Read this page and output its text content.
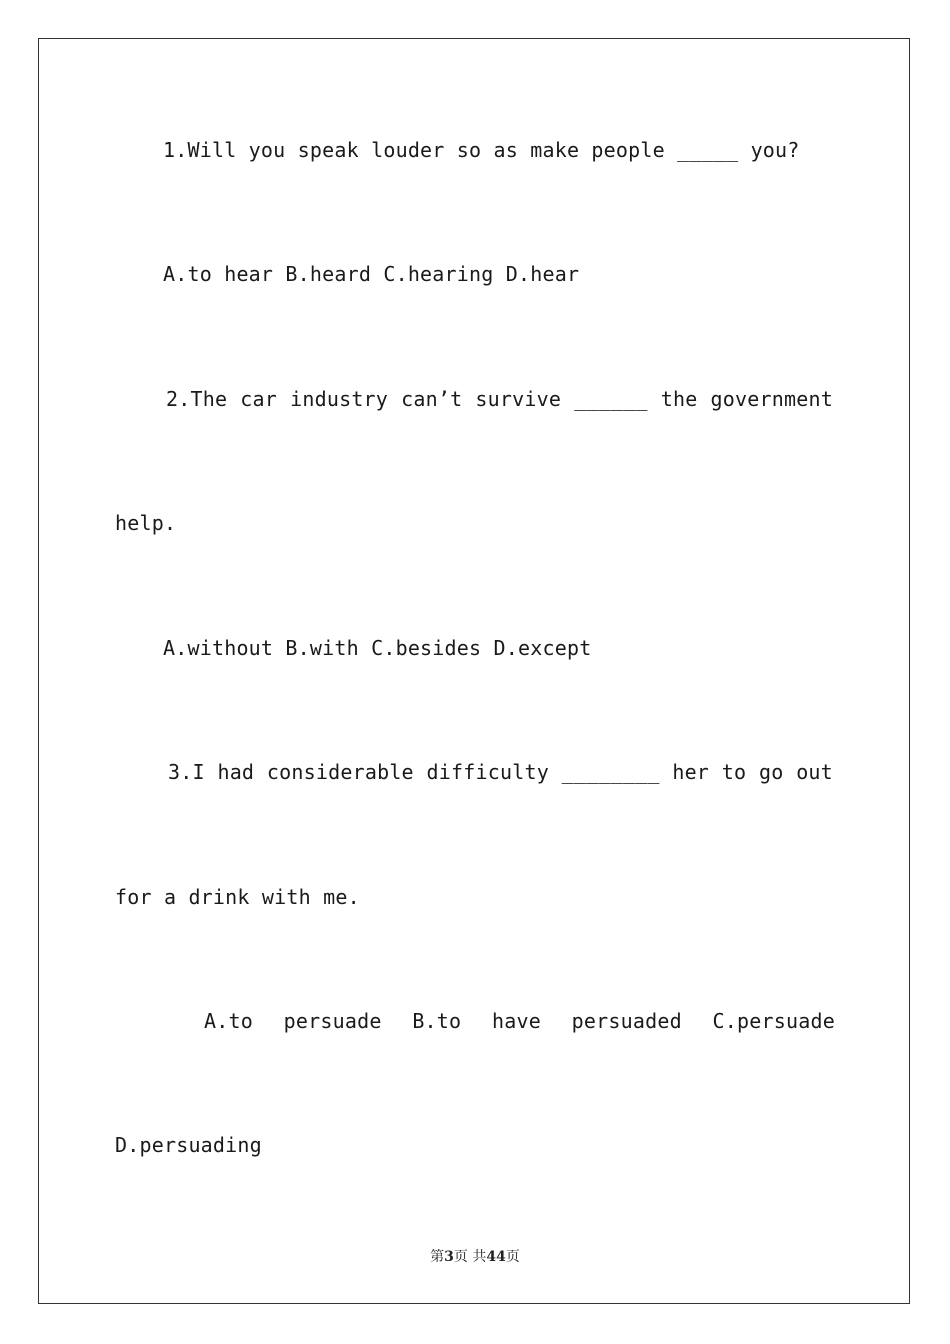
1.Will you speak louder so as make people _____ you?
A.to hear B.heard C.hearing D.hear
2.The car industry can’t survive ______ the government
help.
A.without B.with C.besides D.except
3.I had considerable difficulty ________ her to go out
for a drink with me.
A.to persuade B.to have persuaded C.persuade
D.persuading
第3页 共44页
